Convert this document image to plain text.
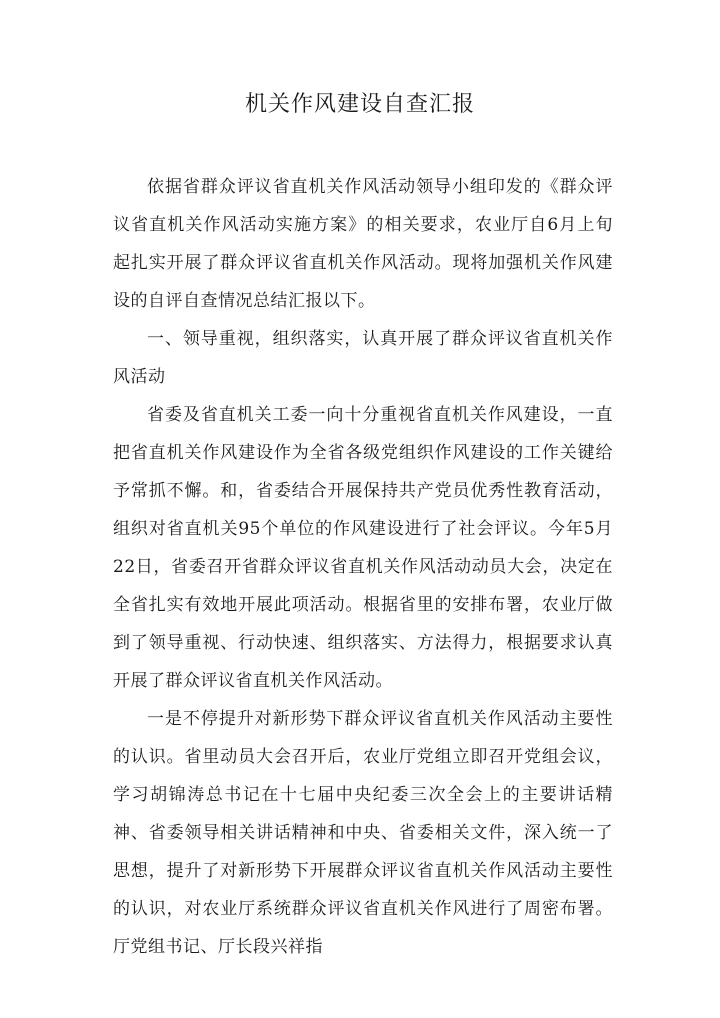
机关作风建设自查汇报

依据省群众评议省直机关作风活动领导小组印发的《群众评议省直机关作风活动实施方案》的相关要求，农业厅自6月上旬起扎实开展了群众评议省直机关作风活动。现将加强机关作风建设的自评自查情况总结汇报以下。

一、领导重视，组织落实，认真开展了群众评议省直机关作风活动

省委及省直机关工委一向十分重视省直机关作风建设，一直把省直机关作风建设作为全省各级党组织作风建设的工作关键给予常抓不懈。和，省委结合开展保持共产党员优秀性教育活动，组织对省直机关95个单位的作风建设进行了社会评议。今年5月22日，省委召开省群众评议省直机关作风活动动员大会，决定在全省扎实有效地开展此项活动。根据省里的安排布署，农业厅做到了领导重视、行动快速、组织落实、方法得力，根据要求认真开展了群众评议省直机关作风活动。

一是不停提升对新形势下群众评议省直机关作风活动主要性的认识。省里动员大会召开后，农业厅党组立即召开党组会议，学习胡锦涛总书记在十七届中央纪委三次全会上的主要讲话精神、省委领导相关讲话精神和中央、省委相关文件，深入统一了思想，提升了对新形势下开展群众评议省直机关作风活动主要性的认识，对农业厅系统群众评议省直机关作风进行了周密布署。厅党组书记、厅长段兴祥指
